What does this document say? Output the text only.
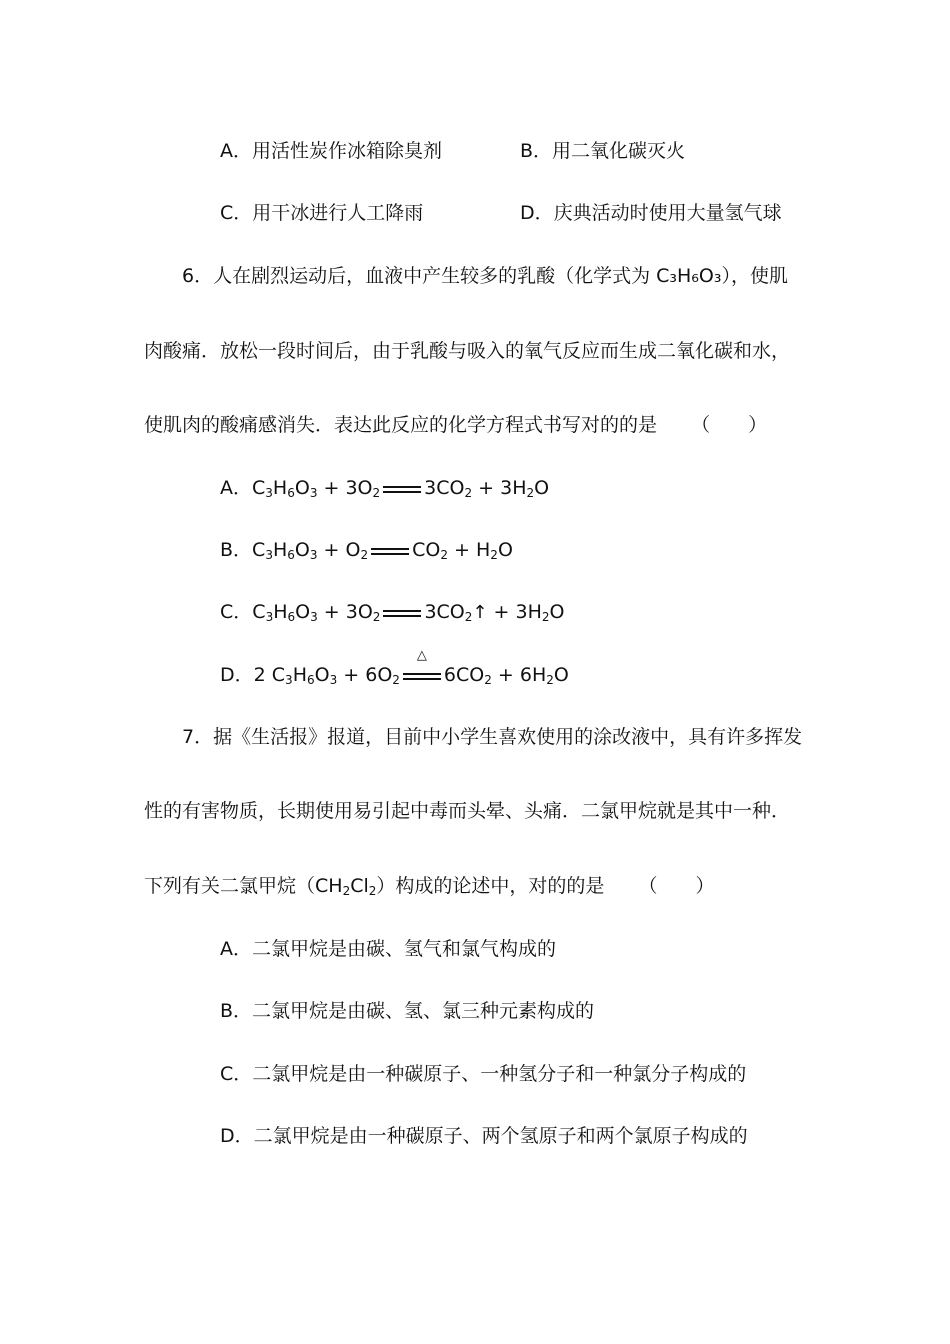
A．用活性炭作冰箱除臭剂	B．用二氧化碳灭火
C．用干冰进行人工降雨	D．庆典活动时使用大量氢气球
6．人在剧烈运动后，血液中产生较多的乳酸（化学式为 C₃H₆O₃），使肌
肉酸痛．放松一段时间后，由于乳酸与吸入的氧气反应而生成二氧化碳和水，
使肌肉的酸痛感消失．表达此反应的化学方程式书写对的的是 （ ）
A．$C_3H_6O_3 + 3O_2$ $3CO_2 + 3H_2O$
B．$C_3H_6O_3 + O_2$ $CO_2 + H_2O$
C．$C_3H_6O_3 + 3O_2$ $3CO_2↑ + 3H_2O$
D．2 $C_3H_6O_3 + 6O_2$
△
$6CO_2 + 6H_2O$
7．据《生活报》报道，目前中小学生喜欢使用的涂改液中，具有许多挥发
性的有害物质，长期使用易引起中毒而头晕、头痛．二氯甲烷就是其中一种．
下列有关二氯甲烷$(CH_2Cl_2)$构成的论述中，对的的是 （ ）
A．二氯甲烷是由碳、氢气和氯气构成的
B．二氯甲烷是由碳、氢、氯三种元素构成的
C．二氯甲烷是由一种碳原子、一种氢分子和一种氯分子构成的
D．二氯甲烷是由一种碳原子、两个氢原子和两个氯原子构成的
